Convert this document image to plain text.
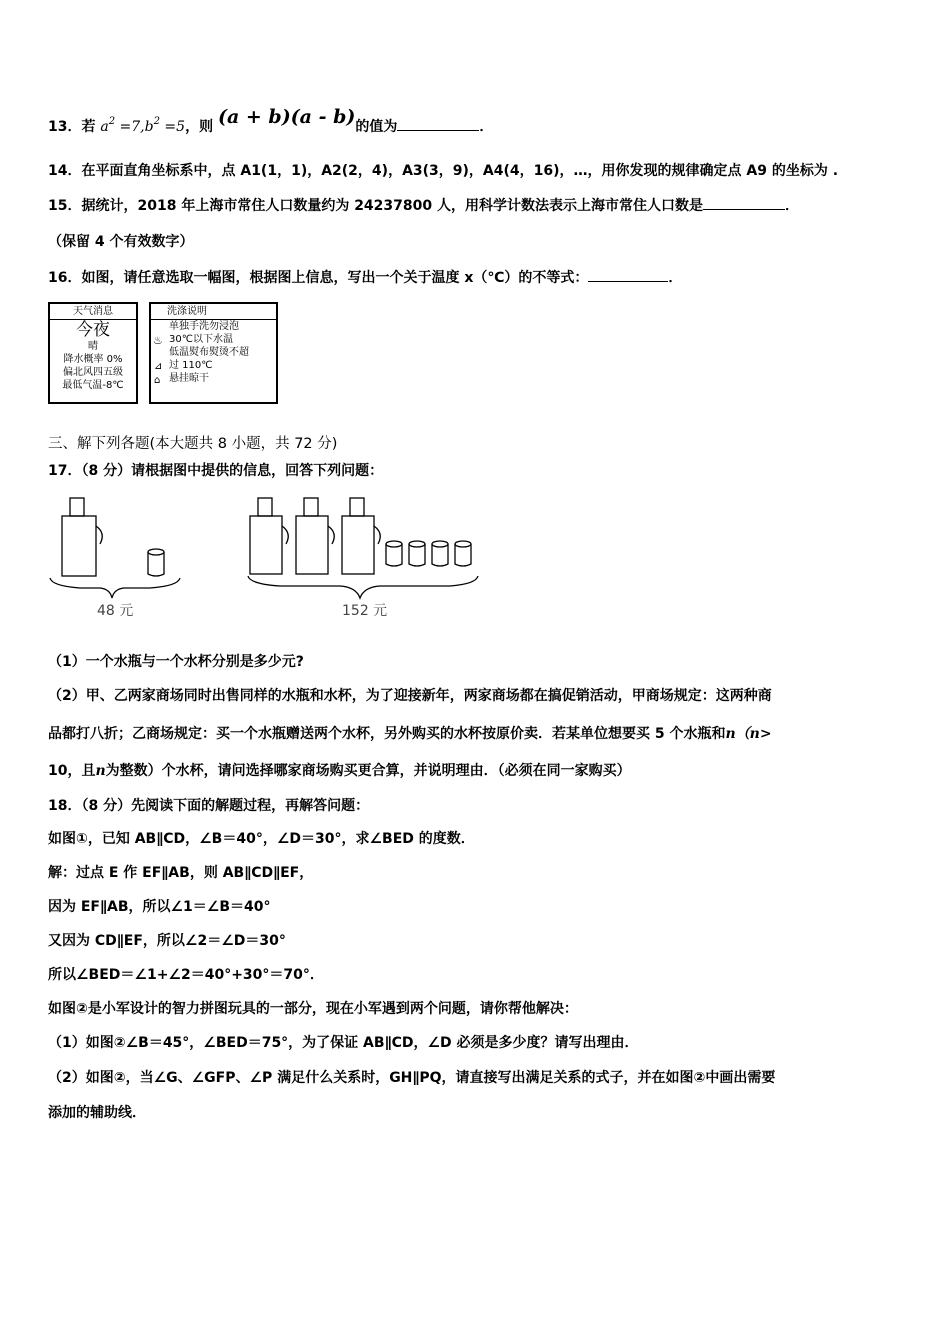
13．若 $a^2 =7,b^2 =5$，则 (a + b)(a - b)的值为	．
14．在平面直角坐标系中，点 A1(1，1)，A2(2，4)，A3(3，9)，A4(4，16)，…，用你发现的规律确定点 A9 的坐标为 .
15．据统计，2018 年上海市常住人口数量约为 24237800 人，用科学计数法表示上海市常住人口数是	．
（保留 4 个有效数字）
16．如图，请任意选取一幅图，根据图上信息，写出一个关于温度 x（℃）的不等式：	．
天气消息
今夜
晴
降水概率 0%
偏北风四五级
最低气温-8℃
洗涤说明
♨
⊿
⌂
单独手洗勿浸泡
30℃以下水温
低温熨布熨烫不超
过 110℃
悬挂晾干
三、解下列各题(本大题共 8 小题，共 72 分)
17．（8 分）请根据图中提供的信息，回答下列问题：
48 元	152 元
（1）一个水瓶与一个水杯分别是多少元?
（2）甲、乙两家商场同时出售同样的水瓶和水杯，为了迎接新年，两家商场都在搞促销活动，甲商场规定：这两种商
品都打八折；乙商场规定：买一个水瓶赠送两个水杯，另外购买的水杯按原价卖．若某单位想要买 5 个水瓶和n（n>
10，且n为整数）个水杯，请问选择哪家商场购买更合算，并说明理由．（必须在同一家购买）
18．（8 分）先阅读下面的解题过程，再解答问题：
如图①，已知 AB∥CD，∠B＝40°，∠D＝30°，求∠BED 的度数．
解：过点 E 作 EF∥AB，则 AB∥CD∥EF，
因为 EF∥AB，所以∠1＝∠B＝40°
又因为 CD∥EF，所以∠2＝∠D＝30°
所以∠BED＝∠1+∠2＝40°+30°＝70°．
如图②是小军设计的智力拼图玩具的一部分，现在小军遇到两个问题，请你帮他解决：
（1）如图②∠B＝45°，∠BED＝75°，为了保证 AB∥CD，∠D 必须是多少度？请写出理由．
（2）如图②，当∠G、∠GFP、∠P 满足什么关系时，GH∥PQ，请直接写出满足关系的式子，并在如图②中画出需要
添加的辅助线．
